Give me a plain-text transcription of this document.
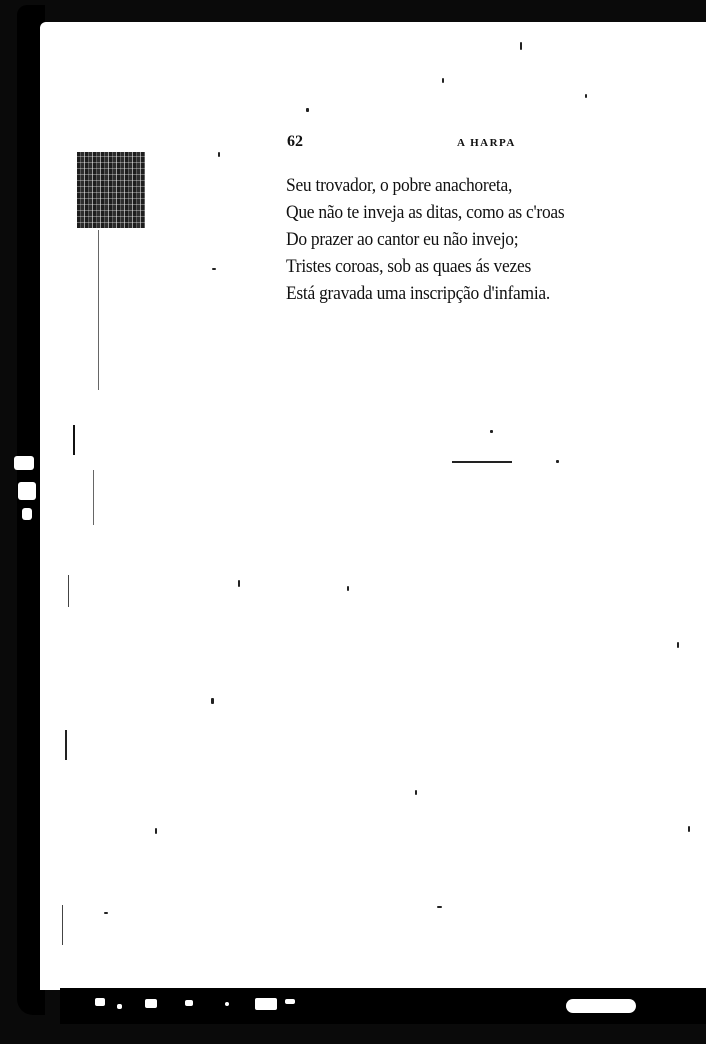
62	A HARPA
Seu trovador, o pobre anachoreta,
Que não te inveja as ditas, como as c'roas
Do prazer ao cantor eu não invejo;
Tristes coroas, sob as quaes ás vezes
Está gravada uma inscripção d'infamia.
